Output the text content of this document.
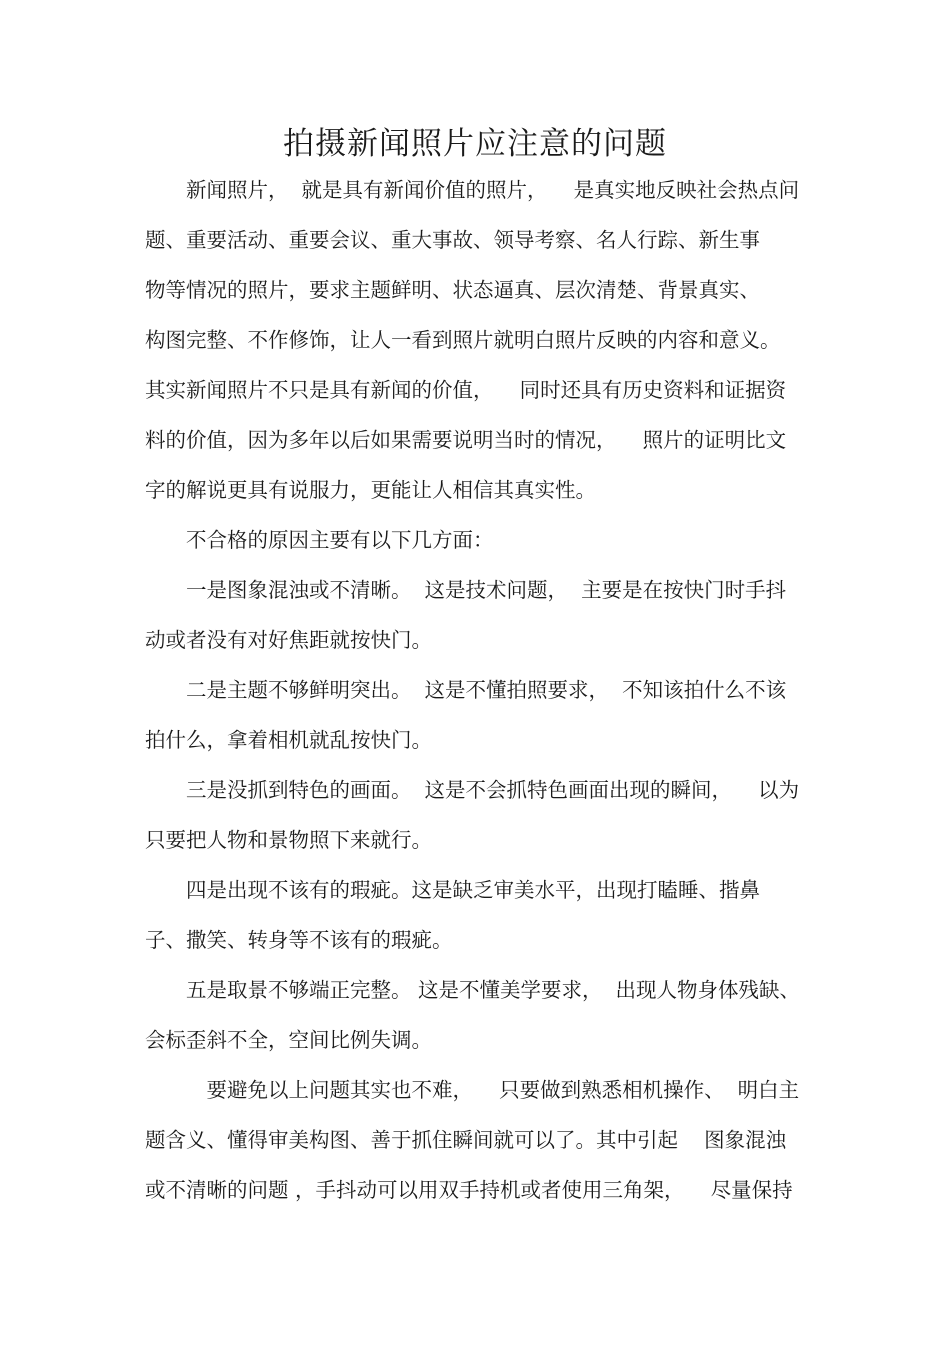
拍摄新闻照片应注意的问题
　　新闻照片，  就是具有新闻价值的照片，    是真实地反映社会热点问
题、重要活动、重要会议、重大事故、领导考察、名人行踪、新生事
物等情况的照片，要求主题鲜明、状态逼真、层次清楚、背景真实、
构图完整、不作修饰，让人一看到照片就明白照片反映的内容和意义。
其实新闻照片不只是具有新闻的价值，    同时还具有历史资料和证据资
料的价值，因为多年以后如果需要说明当时的情况，    照片的证明比文
字的解说更具有说服力，更能让人相信其真实性。
　　不合格的原因主要有以下几方面：
　　一是图象混浊或不清晰。  这是技术问题，  主要是在按快门时手抖
动或者没有对好焦距就按快门。
　　二是主题不够鲜明突出。  这是不懂拍照要求，  不知该拍什么不该
拍什么，拿着相机就乱按快门。
　　三是没抓到特色的画面。  这是不会抓特色画面出现的瞬间，    以为
只要把人物和景物照下来就行。
　　四是出现不该有的瑕疵。这是缺乏审美水平，出现打瞌睡、揩鼻
子、撒笑、转身等不该有的瑕疵。
　　五是取景不够端正完整。 这是不懂美学要求，  出现人物身体残缺、
会标歪斜不全，空间比例失调。
　　　要避免以上问题其实也不难，    只要做到熟悉相机操作、  明白主
题含义、懂得审美构图、善于抓住瞬间就可以了。其中引起    图象混浊
或不清晰的问题 ，手抖动可以用双手持机或者使用三角架，    尽量保持
